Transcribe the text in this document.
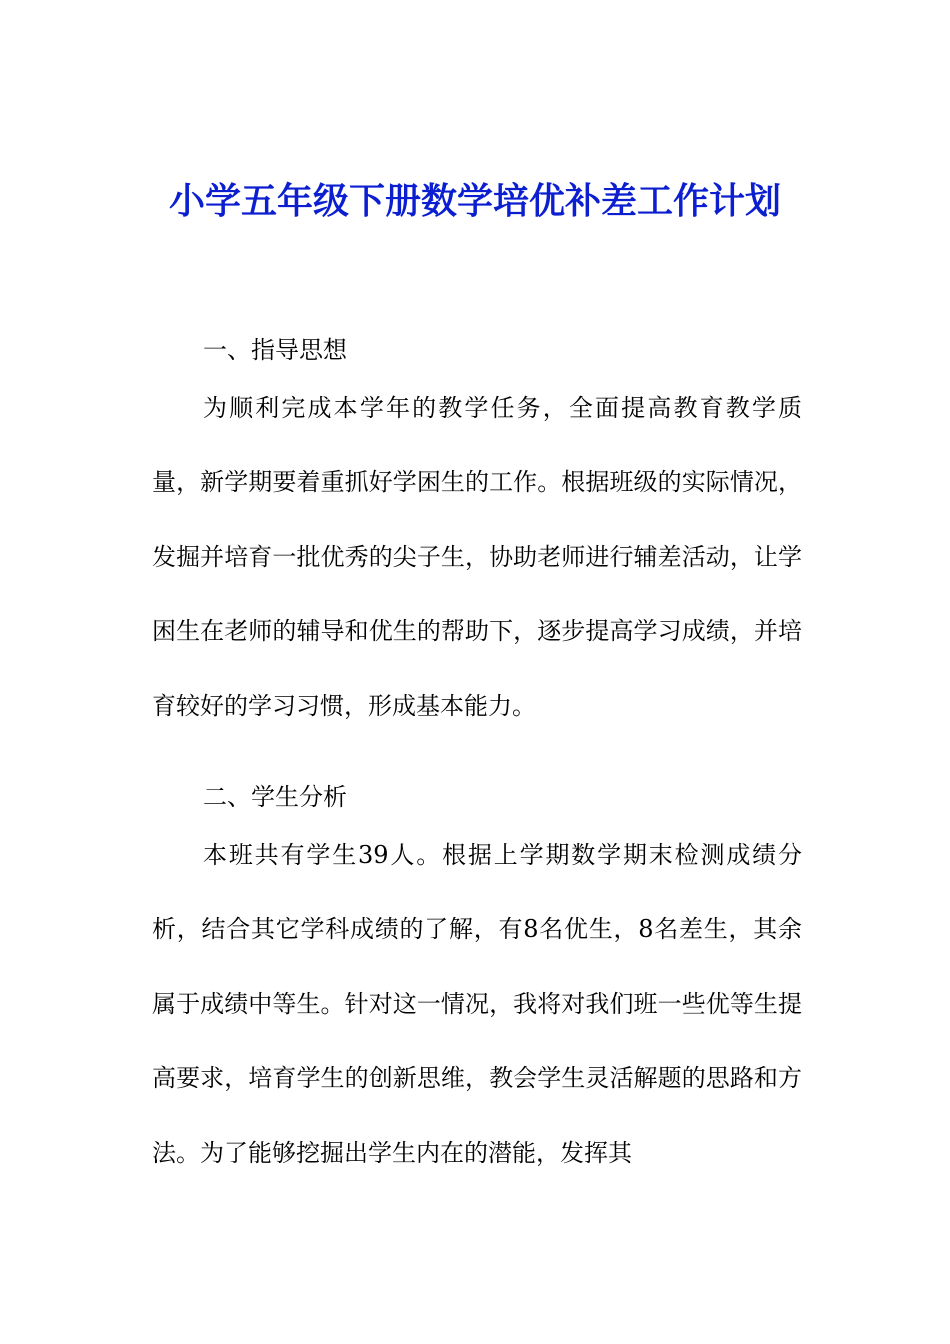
小学五年级下册数学培优补差工作计划

一、指导思想

为顺利完成本学年的教学任务，全面提高教育教学质量，新学期要着重抓好学困生的工作。根据班级的实际情况，发掘并培育一批优秀的尖子生，协助老师进行辅差活动，让学困生在老师的辅导和优生的帮助下，逐步提高学习成绩，并培育较好的学习习惯，形成基本能力。

二、学生分析

本班共有学生39人。根据上学期数学期末检测成绩分析，结合其它学科成绩的了解，有8名优生，8名差生，其余属于成绩中等生。针对这一情况，我将对我们班一些优等生提高要求，培育学生的创新思维，教会学生灵活解题的思路和方法。为了能够挖掘出学生内在的潜能，发挥其
